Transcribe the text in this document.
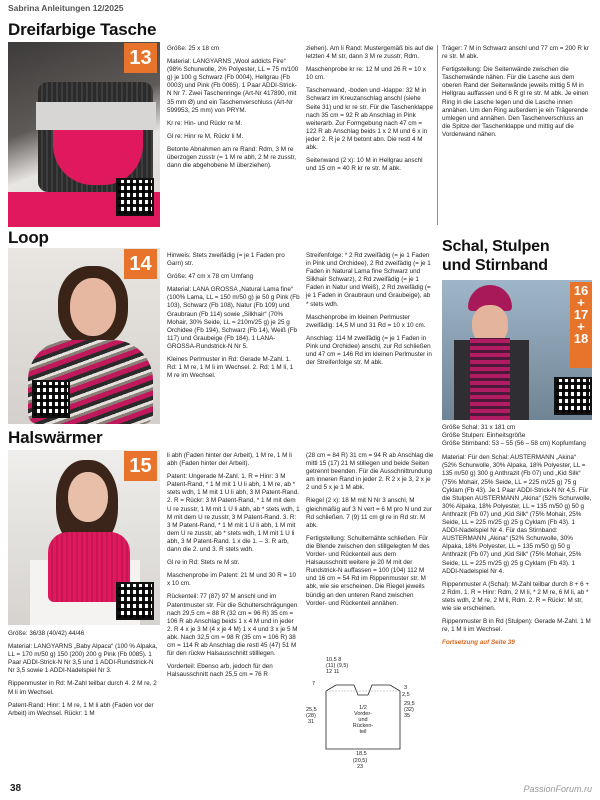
Sabrina Anleitungen 12/2025
Dreifarbige Tasche
13	Größe: 25 x 18 cm

Material: LANGYARNS „Wool addicts Fire“ (98% Schurwolle, 2% Polyester, LL = 75 m/100 g) je 100 g Schwarz (Fb 0004), Hellgrau (Fb 0003) und Pink (Fb 0065). 1 Paar ADDI-Strick-N Nr 7. Zwei Taschenringe (Art-Nr 417890, mit 35 mm Ø) und ein Taschenverschluss (Art-Nr 599953, 25 mm) von PRYM.

Kr re: Hin- und Rückr re M.

Gl re: Hinr re M, Rückr li M.

Betonte Abnahmen am re Rand: Rdm, 3 M re überzogen zusstr (= 1 M re abh, 2 M re zusstr, dann die abgehobene M überziehen).

ziehen). Am li Rand: Mustergemäß bis auf die letzten 4 M str, dann 3 M re zusstr, Rdm.

Maschenprobe kr re: 12 M und 26 R = 10 x 10 cm.

Taschenwand, -boden und -klappe: 32 M in Schwarz im Kreuzanschlag anschl (siehe Seite 31) und kr re str. Für die Taschenklappe nach 35 cm = 92 R ab Anschlag in Pink weiterarb. Zur Formgebung nach 47 cm = 122 R ab Anschlag beids 1 x 2 M und 6 x in jeder 2. R je 2 M betont abn. Die restl 4 M abk.

Seitenwand (2 x): 10 M in Hellgrau anschl und 15 cm = 40 R kr re str. M abk.

Träger: 7 M in Schwarz anschl und 77 cm = 200 R kr re str. M abk.

Fertigstellung: Die Seitenwände zwischen die Taschenwände nähen. Für die Lasche aus dem oberen Rand der Seitenwände jeweils mittig 5 M in Hellgrau auffassen und 6 R gl re str. M abk. Je einen Ring in die Lasche legen und die Lasche innen annähen. Um den Ring außerdem je ein Trägerende umlegen und annähen. Den Taschenverschluss an die Spitze der Taschenklappe und mittig auf die Vorderwand nähen.

Loop
14	Hinweis: Stets zweifädig (= je 1 Faden pro Garn) str.

Größe: 47 cm x 78 cm Umfang

Material: LANA GROSSA „Natural Lama fine“ (100% Lama, LL = 150 m/50 g) je 50 g Pink (Fb 103), Schwarz (Fb 108), Natur (Fb 109) und Graubraun (Fb 114) sowie „Silkhair“ (70% Mohair, 30% Seide, LL = 210m/25 g) je 25 g Orchidee (Fb 194), Schwarz (Fb 14), Weiß (Fb 117) und Graubeige (Fb 184). 1 LANA-GROSSA-Rundstrick-N Nr 5.

Kleines Perlmuster in Rd: Gerade M-Zahl. 1. Rd: 1 M re, 1 M li im Wechsel. 2. Rd: 1 M li, 1 M re im Wechsel.

Streifenfolge: * 2 Rd zweifädig (= je 1 Faden in Pink und Orchidee), 2 Rd zweifädig (= je 1 Faden in Natural Lama fine Schwarz und Silkhair Schwarz), 2 Rd zweifädig (= je 1 Faden in Natur und Weiß), 2 Rd zweifädig (= je 1 Faden in Graubraun und Graubeige), ab * stets wdh.

Maschenprobe im kleinen Perlmuster zweifädig: 14,5 M und 31 Rd = 10 x 10 cm.

Anschlag: 114 M zweifädig (= je 1 Faden in Pink und Orchidee) anschl, zur Rd schließen und 47 cm = 146 Rd im kleinen Perlmuster in der Streifenfolge str. M abk.

Schal, Stulpen
und Stirnband
16
+
17
+
18

Größe Schal: 31 x 181 cm
Größe Stulpen: Einheitsgröße
Größe Stirnband: 53 – 55 (56 – 58 cm) Kopfumfang

Material: Für den Schal: AUSTERMANN „Akina“ (52% Schurwolle, 30% Alpaka, 18% Polyester, LL = 135 m/50 g) 300 g Anthrazit (Fb 07) und „Kid Silk“ (75% Mohair, 25% Seide, LL = 225 m/25 g) 75 g Cyklam (Fb 43). Je 1 Paar ADDI-Strick-N Nr 4,5. Für die Stulpen AUSTERMANN „Akina“ (52% Schurwolle, 30% Alpaka, 18% Polyester, LL = 135 m/50 g) 50 g Anthrazit (Fb 07) und „Kid Silk“ (75% Mohair, 25% Seide, LL = 225 m/25 g) 25 g Cyklam (Fb 43). 1 ADDI-Nadelspiel Nr 4. Für das Stirnband: AUSTERMANN „Akina“ (52% Schurwolle, 30% Alpaka, 18% Polyester, LL = 135 m/50 g) 50 g Anthrazit (Fb 07) und „Kid Silk“ (75% Mohair, 25% Seide, LL = 225 m/25 g) 25 g Cyklam (Fb 43). 1 ADDI-Nadelspiel Nr 4.

Rippenmuster A (Schal): M-Zahl teilbar durch 8 + 6 + 2 Rdm. 1. R = Hinr: Rdm, 2 M li, * 2 M re, 6 M li, ab * stets wdh, 2 M re, 2 M li, Rdm. 2. R = Rückr: M str, wie sie erscheinen.

Rippenmuster B in Rd (Stulpen): Gerade M-Zahl. 1 M re, 1 M li im Wechsel.

Fortsetzung auf Seite 39

Halswärmer
15

Größe: 36/38 (40/42) 44/46

Material: LANGYARNS „Baby Alpaca“ (100 % Alpaka, LL = 170 m/50 g) 150 (200) 200 g Pink (Fb 0085). 1 Paar ADDI-Strick-N Nr 3,5 und 1 ADDI-Rundstrick-N Nr 3,5 sowie 1 ADDI-Nadelspiel Nr 3.

Rippenmuster in Rd: M-Zahl teilbar durch 4. 2 M re, 2 M li im Wechsel.

Patent-Rand: Hinr: 1 M re, 1 M li abh (Faden vor der Arbeit) im Wechsel. Rückr: 1 M

li abh (Faden hinter der Arbeit), 1 M re, 1 M li abh (Faden hinter der Arbeit).

Patent: Ungerade M-Zahl. 1. R = Hinr: 3 M Patent-Rand, * 1 M mit 1 U li abh, 1 M re, ab * stets wdh, 1 M mit 1 U li abh, 3 M Patent-Rand. 2. R = Rückr: 3 M Patent-Rand, * 1 M mit dem U re zusstr, 1 M mit 1 U li abh, ab * stets wdh, 1 M mit dem U re zusstr, 3 M Patent-Rand. 3. R: 3 M Patent-Rand, * 1 M mit 1 U li abh, 1 M mit dem U re zusstr, ab * stets wdh, 1 M mit 1 U li abh, 3 M Patent-Rand. 1 x die 1. – 3. R arb, dann die 2. und 3. R stets wdh.

Gl re in Rd: Stets re M str.

Maschenprobe im Patent: 21 M und 30 R = 10 x 10 cm.

Rückenteil: 77 (87) 97 M anschl und im Patentmuster str. Für die Schulterschrägungen nach 29,5 cm = 88 R (32 cm = 96 R) 35 cm = 106 R ab Anschlag beids 1 x 4 M und in jeder 2. R 4 x je 3 M (4 x je 4 M) 1 x 4 und 3 x je 5 M abk. Nach 32,5 cm = 98 R (35 cm = 106 R) 38 cm = 114 R ab Anschlag die restl 45 (47) 51 M für den rückw Halsausschnitt stilllegen.

Vorderteil: Ebenso arb, jedoch für den Halsausschnitt nach 25,5 cm = 76 R

(28 cm = 84 R) 31 cm = 94 R ab Anschlag die mittl 15 (17) 21 M stillegen und beide Seiten getrennt beenden. Für die Ausschnittrundung am inneren Rand in jeder 2. R 2 x je 3, 2 x je 2 und 5 x je 1 M abk.

Riegel (2 x): 18 M mit N Nr 3 anschl, M gleichmäßig auf 3 N vert = 6 M pro N und zur Rd schließen. 7 (9) 11 cm gl re in Rd str. M abk.

Fertigstellung: Schulternähte schließen. Für die Blende zwischen den stillgelegten M des Vorder- und Rückenteil aus dem Halsausschnitt weitere je 20 M mit der Rundstrick-N auffassen = 100 (104) 112 M und 16 cm = 54 Rd im Rippenmuster str. M abk, wie sie erscheinen. Die Riegel jeweils bündig an den unteren Rand zwischen Vorder- und Rückenteil annähen.

10,5 8
(11) (9,5)
12 11
7
25,5
(28)
31
1/2
Vorder-
und
Rücken-
teil
29,5
(32)
35
3
2,5
18,5
(20,5)
23
38	PassionForum.ru
